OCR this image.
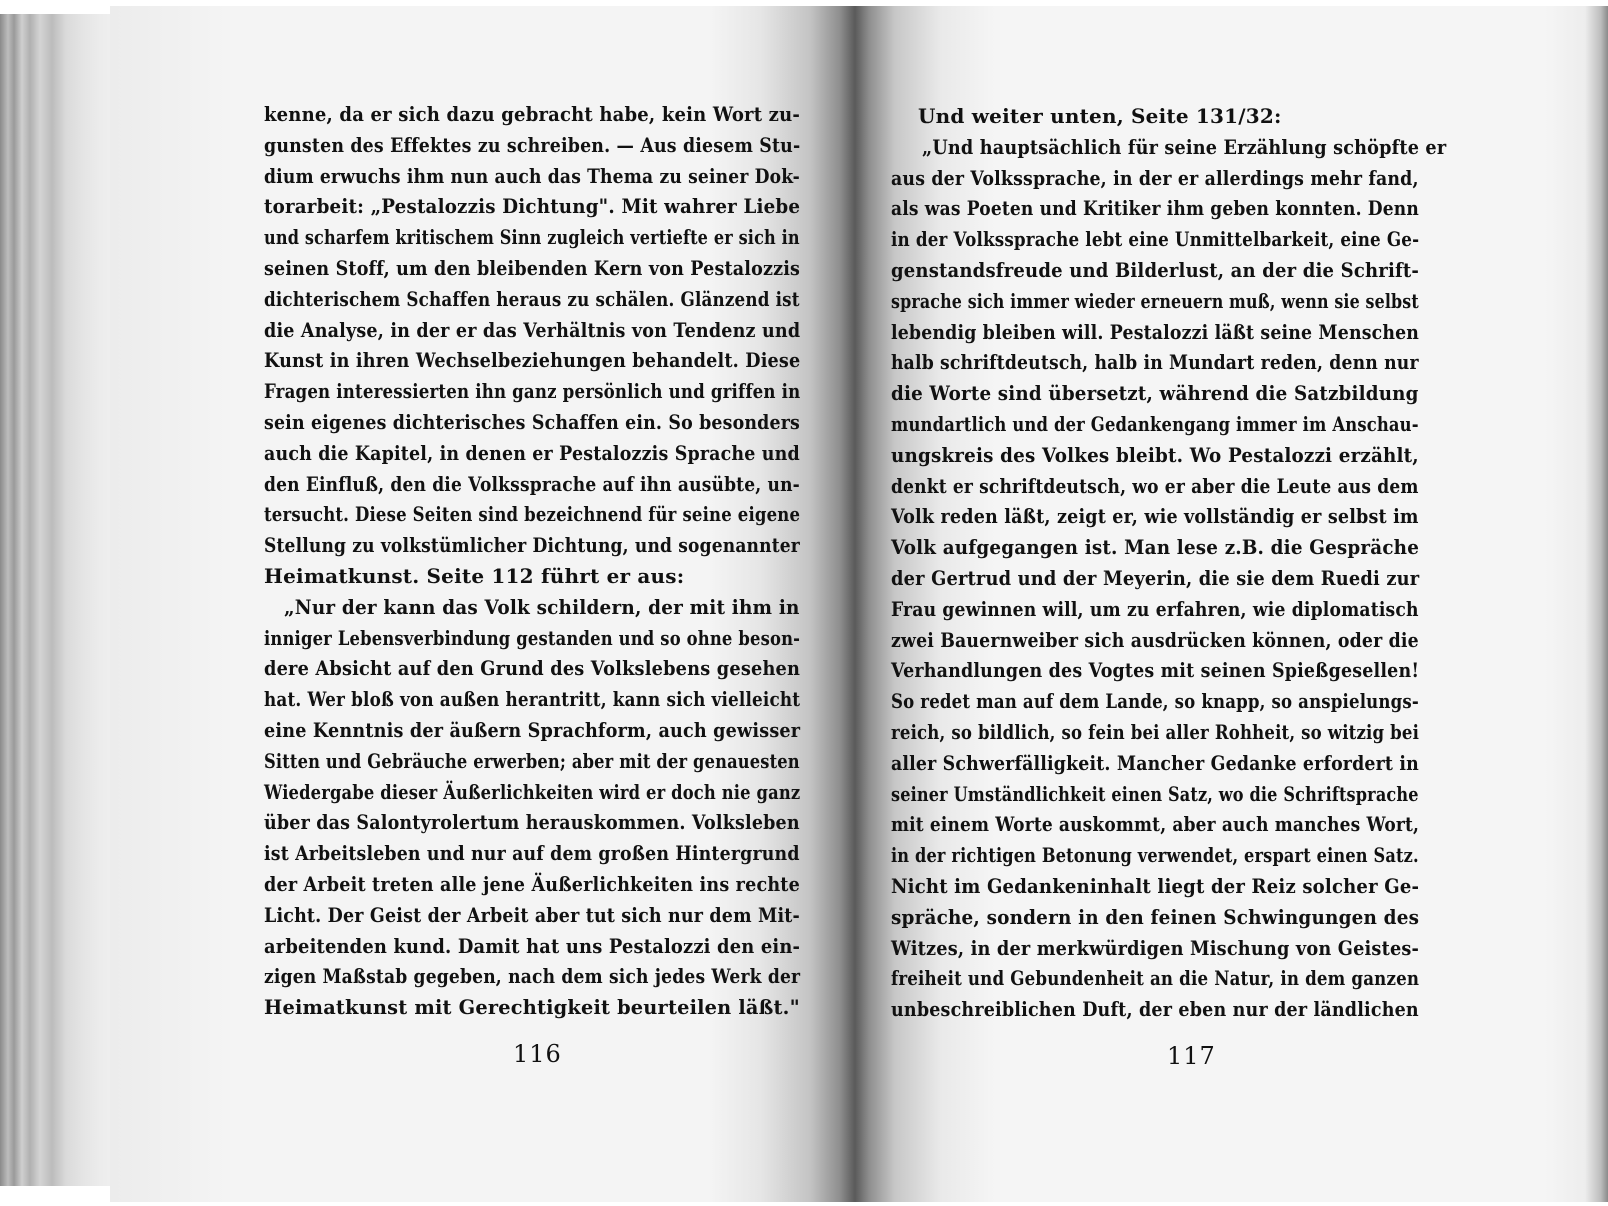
kenne, da er sich dazu gebracht habe, kein Wort zu-
gunsten des Effektes zu schreiben. — Aus diesem Stu-
dium erwuchs ihm nun auch das Thema zu seiner Dok-
torarbeit: „Pestalozzis Dichtung". Mit wahrer Liebe
und scharfem kritischem Sinn zugleich vertiefte er sich in
seinen Stoff, um den bleibenden Kern von Pestalozzis
dichterischem Schaffen heraus zu schälen. Glänzend ist
die Analyse, in der er das Verhältnis von Tendenz und
Kunst in ihren Wechselbeziehungen behandelt. Diese
Fragen interessierten ihn ganz persönlich und griffen in
sein eigenes dichterisches Schaffen ein. So besonders
auch die Kapitel, in denen er Pestalozzis Sprache und
den Einfluß, den die Volkssprache auf ihn ausübte, un-
tersucht. Diese Seiten sind bezeichnend für seine eigene
Stellung zu volkstümlicher Dichtung, und sogenannter
Heimatkunst. Seite 112 führt er aus:
„Nur der kann das Volk schildern, der mit ihm in
inniger Lebensverbindung gestanden und so ohne beson-
dere Absicht auf den Grund des Volkslebens gesehen
hat. Wer bloß von außen herantritt, kann sich vielleicht
eine Kenntnis der äußern Sprachform, auch gewisser
Sitten und Gebräuche erwerben; aber mit der genauesten
Wiedergabe dieser Äußerlichkeiten wird er doch nie ganz
über das Salontyrolertum herauskommen. Volksleben
ist Arbeitsleben und nur auf dem großen Hintergrund
der Arbeit treten alle jene Äußerlichkeiten ins rechte
Licht. Der Geist der Arbeit aber tut sich nur dem Mit-
arbeitenden kund. Damit hat uns Pestalozzi den ein-
zigen Maßstab gegeben, nach dem sich jedes Werk der
Heimatkunst mit Gerechtigkeit beurteilen läßt."
116
Und weiter unten, Seite 131/32:
„Und hauptsächlich für seine Erzählung schöpfte er
aus der Volkssprache, in der er allerdings mehr fand,
als was Poeten und Kritiker ihm geben konnten. Denn
in der Volkssprache lebt eine Unmittelbarkeit, eine Ge-
genstandsfreude und Bilderlust, an der die Schrift-
sprache sich immer wieder erneuern muß, wenn sie selbst
lebendig bleiben will. Pestalozzi läßt seine Menschen
halb schriftdeutsch, halb in Mundart reden, denn nur
die Worte sind übersetzt, während die Satzbildung
mundartlich und der Gedankengang immer im Anschau-
ungskreis des Volkes bleibt. Wo Pestalozzi erzählt,
denkt er schriftdeutsch, wo er aber die Leute aus dem
Volk reden läßt, zeigt er, wie vollständig er selbst im
Volk aufgegangen ist. Man lese z.B. die Gespräche
der Gertrud und der Meyerin, die sie dem Ruedi zur
Frau gewinnen will, um zu erfahren, wie diplomatisch
zwei Bauernweiber sich ausdrücken können, oder die
Verhandlungen des Vogtes mit seinen Spießgesellen!
So redet man auf dem Lande, so knapp, so anspielungs-
reich, so bildlich, so fein bei aller Rohheit, so witzig bei
aller Schwerfälligkeit. Mancher Gedanke erfordert in
seiner Umständlichkeit einen Satz, wo die Schriftsprache
mit einem Worte auskommt, aber auch manches Wort,
in der richtigen Betonung verwendet, erspart einen Satz.
Nicht im Gedankeninhalt liegt der Reiz solcher Ge-
spräche, sondern in den feinen Schwingungen des
Witzes, in der merkwürdigen Mischung von Geistes-
freiheit und Gebundenheit an die Natur, in dem ganzen
unbeschreiblichen Duft, der eben nur der ländlichen
117
